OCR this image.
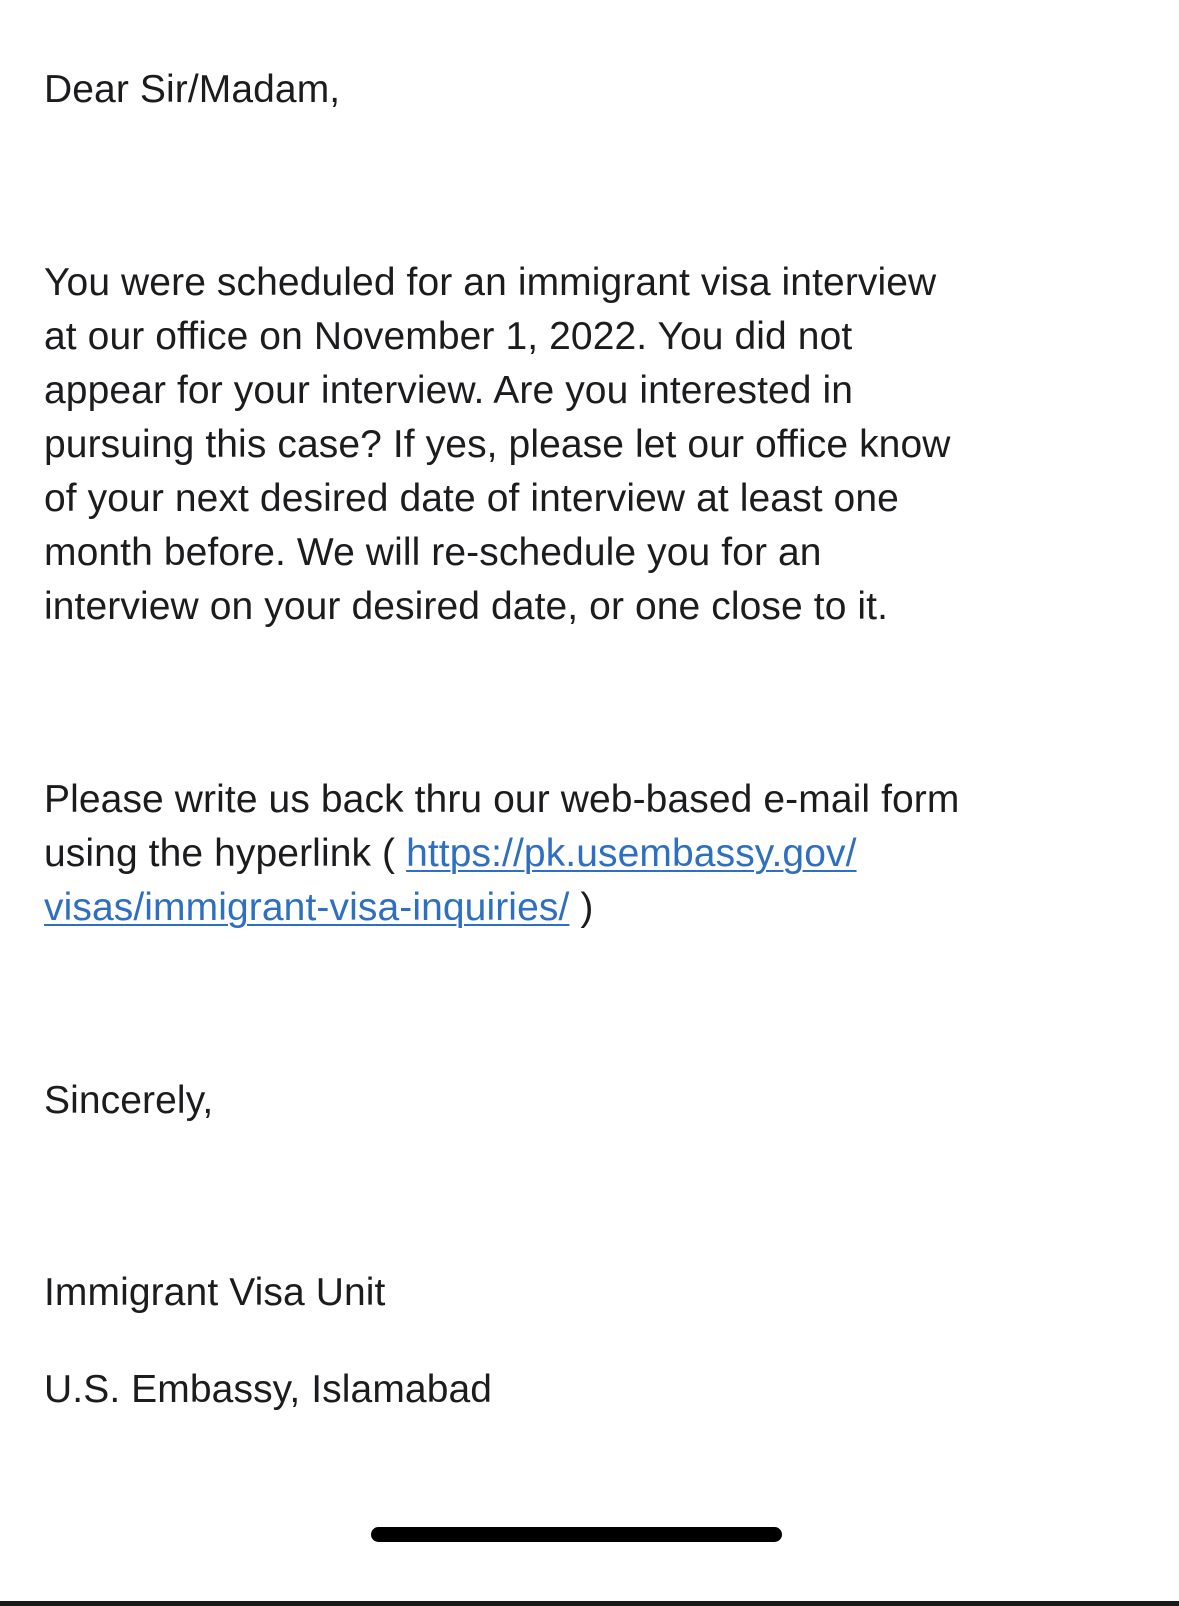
Dear Sir/Madam,
You were scheduled for an immigrant visa interview
at our office on November 1, 2022. You did not
appear for your interview. Are you interested in
pursuing this case? If yes, please let our office know
of your next desired date of interview at least one
month before. We will re-schedule you for an
interview on your desired date, or one close to it.
Please write us back thru our web-based e-mail form
using the hyperlink ( https://pk.usembassy.gov/
visas/immigrant-visa-inquiries/ )
Sincerely,
Immigrant Visa Unit
U.S. Embassy, Islamabad
